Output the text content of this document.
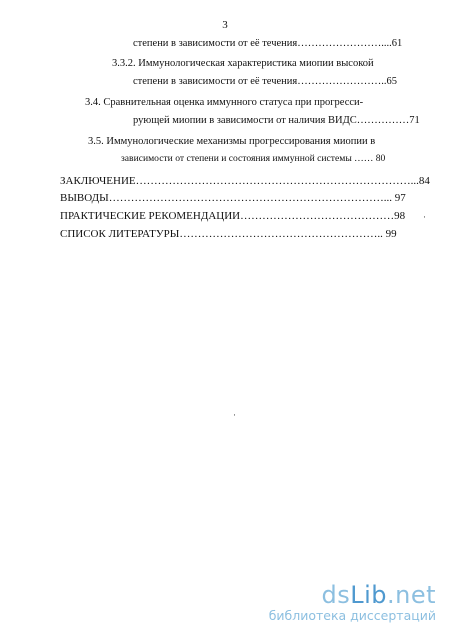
3
степени в зависимости от её течения……………………....61
3.3.2. Иммунологическая характеристика миопии высокой
степени в зависимости от её течения……………………..65
3.4. Сравнительная оценка иммунного статуса при прогресси-
рующей миопии в зависимости от наличия ВИДС……………71
3.5. Иммунологические механизмы прогрессирования миопии в
зависимости от степени и состояния иммунной системы …… 80
ЗАКЛЮЧЕНИЕ…………………………………………………………………...84
ВЫВОДЫ…………………………………………………………………... 97
ПРАКТИЧЕСКИЕ РЕКОМЕНДАЦИИ……………………………………98
СПИСОК ЛИТЕРАТУРЫ……………………………………………….. 99
·
·
dsLib.net
библиотека диссертаций
